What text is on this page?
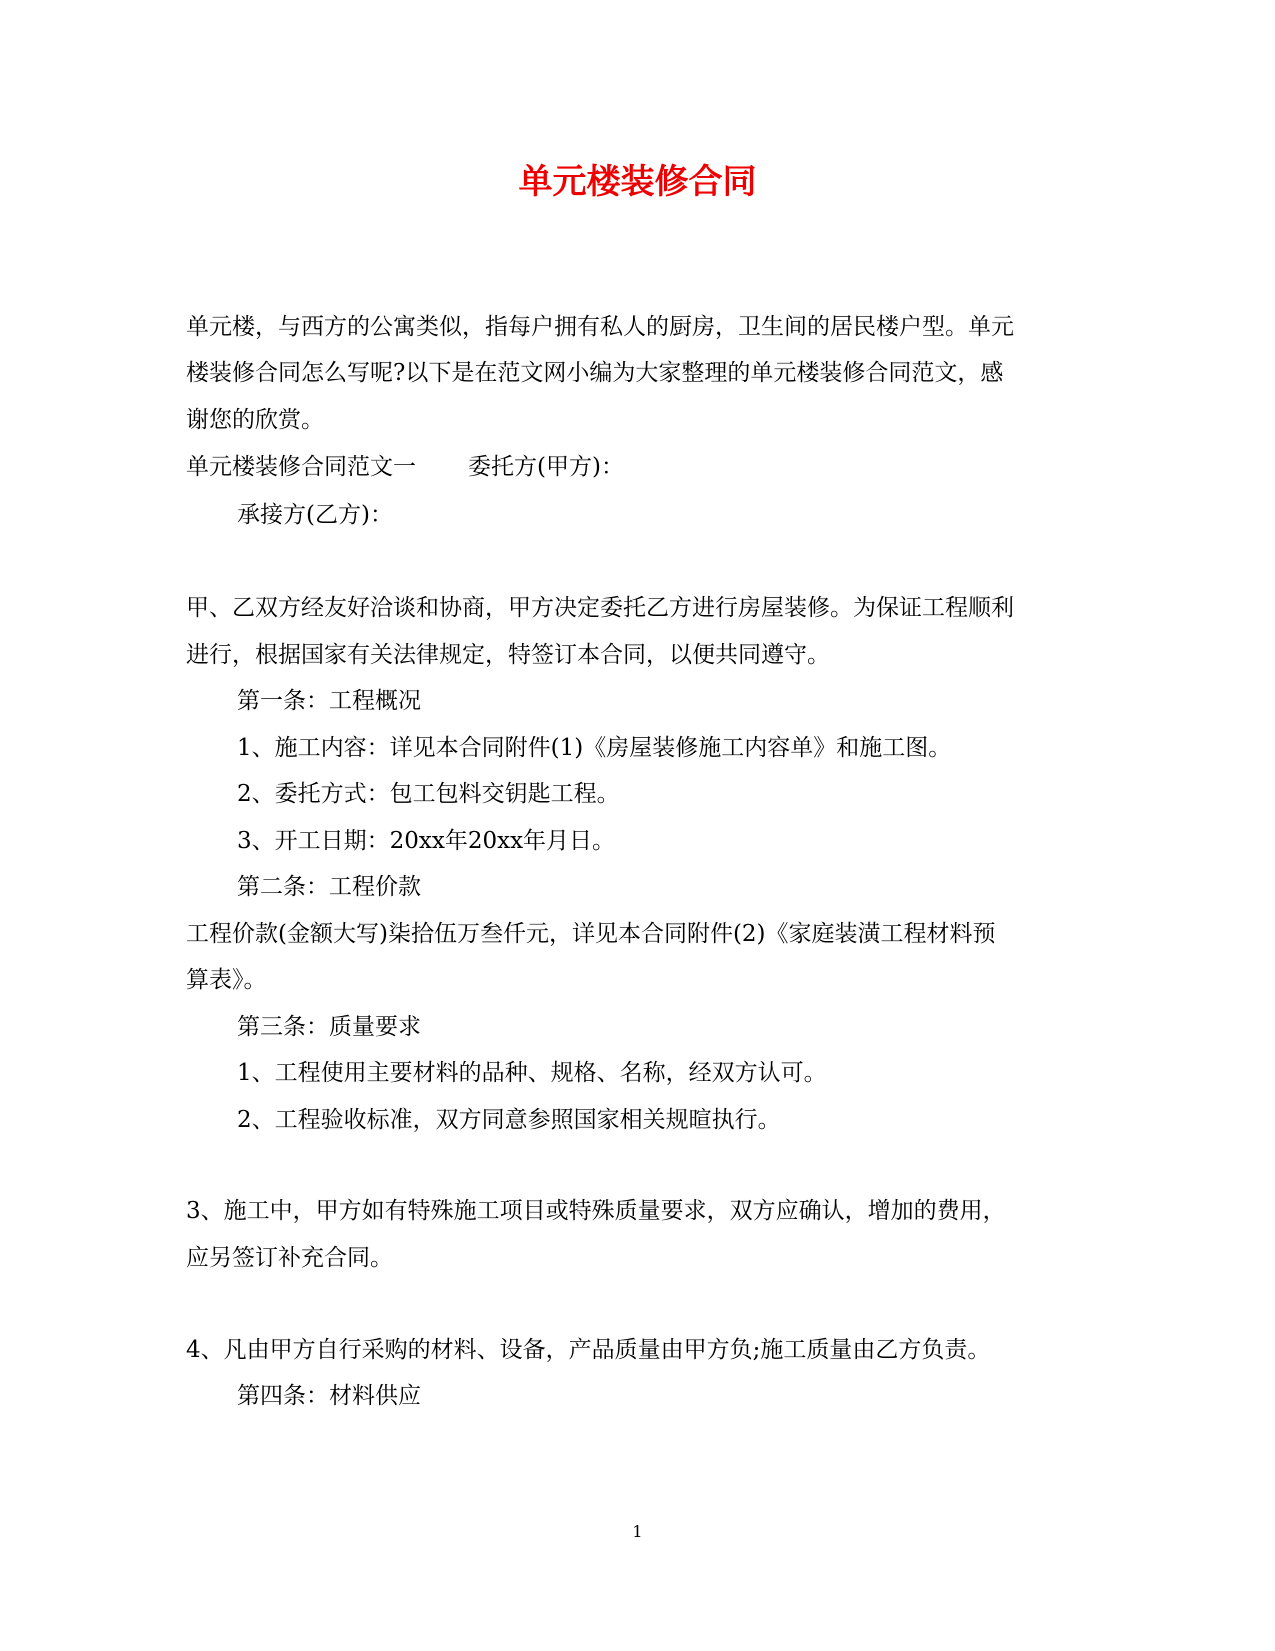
单元楼装修合同

单元楼，与西方的公寓类似，指每户拥有私人的厨房，卫生间的居民楼户型。单元

楼装修合同怎么写呢?以下是在范文网小编为大家整理的单元楼装修合同范文，感

谢您的欣赏。

单元楼装修合同范文一 委托方(甲方)：

承接方(乙方)：

甲、乙双方经友好洽谈和协商，甲方决定委托乙方进行房屋装修。为保证工程顺利

进行，根据国家有关法律规定，特签订本合同，以便共同遵守。

第一条：工程概况

1、施工内容：详见本合同附件(1)《房屋装修施工内容单》和施工图。

2、委托方式：包工包料交钥匙工程。

3、开工日期：20xx年20xx年月日。

第二条：工程价款

工程价款(金额大写)柒拾伍万叁仟元，详见本合同附件(2)《家庭装潢工程材料预

算表》。

第三条：质量要求

1、工程使用主要材料的品种、规格、名称，经双方认可。

2、工程验收标准，双方同意参照国家相关规暄执行。

3、施工中，甲方如有特殊施工项目或特殊质量要求，双方应确认，增加的费用，

应另签订补充合同。

4、凡由甲方自行采购的材料、设备，产品质量由甲方负;施工质量由乙方负责。

第四条：材料供应

1
